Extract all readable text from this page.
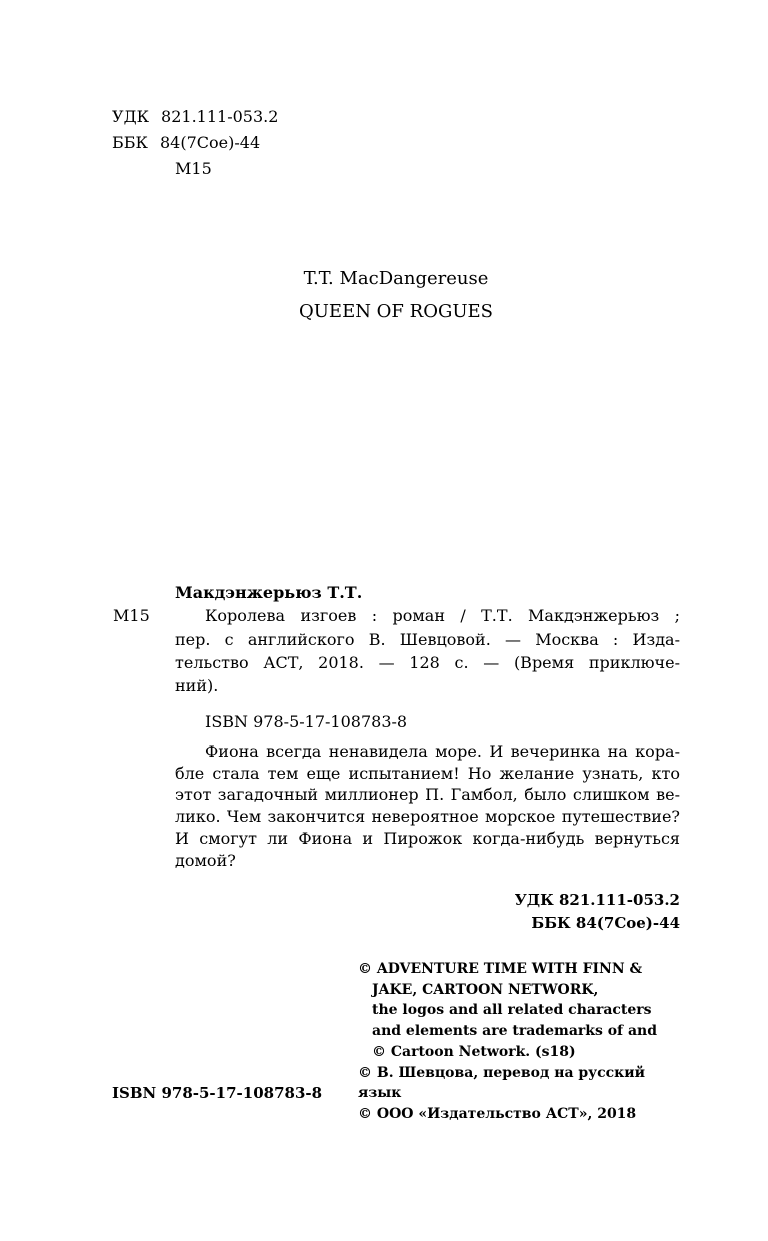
УДК 821.111-053.2
ББК 84(7Сое)-44
М15
T.T. MacDangereuse
QUEEN OF ROGUES
М15
Макдэнжерьюз Т.Т.
Королева изгоев : роман / Т.Т. Макдэнжерьюз ;
пер. с английского В. Шевцовой. — Москва : Изда-
тельство АСТ, 2018. — 128 с. — (Время приключе-
ний).
ISBN 978-5-17-108783-8
Фиона всегда ненавидела море. И вечеринка на кора-
бле стала тем еще испытанием! Но желание узнать, кто
этот загадочный миллионер П. Гамбол, было слишком ве-
лико. Чем закончится невероятное морское путешествие?
И смогут ли Фиона и Пирожок когда-нибудь вернуться
домой?
УДК 821.111-053.2
ББК 84(7Сое)-44
© ADVENTURE TIME WITH FINN &
JAKE, CARTOON NETWORK,
the logos and all related characters
and elements are trademarks of and
© Cartoon Network. (s18)
© В. Шевцова, перевод на русский язык
© ООО «Издательство АСТ», 2018
ISBN 978-5-17-108783-8
